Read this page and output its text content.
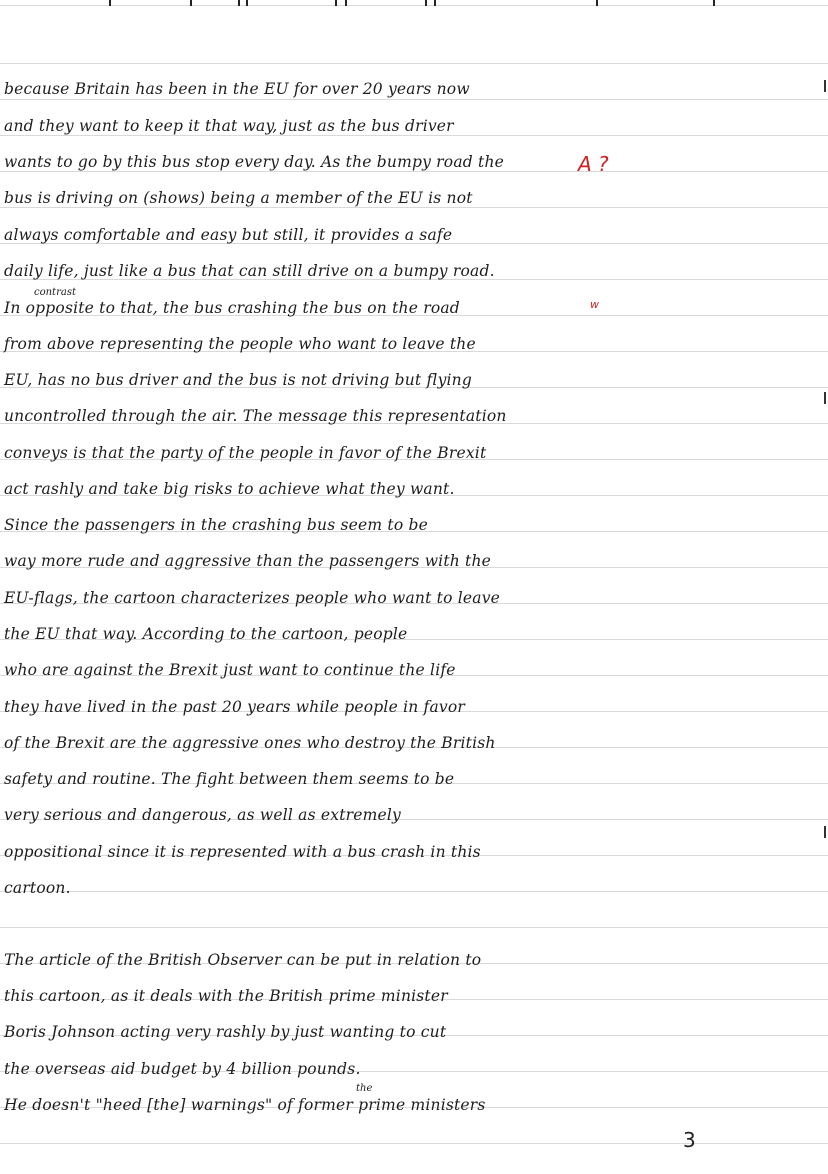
because Britain has been in the EU for over 20 years now
and they want to keep it that way, just as the bus driver
wants to go by this bus stop every day. As the bumpy road the
bus is driving on (shows) being a member of the EU is not
always comfortable and easy but still, it provides a safe
daily life, just like a bus that can still drive on a bumpy road.
In opposite to that, the bus crashing the bus on the road
from above representing the people who want to leave the
EU, has no bus driver and the bus is not driving but flying
uncontrolled through the air. The message this representation
conveys is that the party of the people in favor of the Brexit
act rashly and take big risks to achieve what they want.
Since the passengers in the crashing bus seem to be
way more rude and aggressive than the passengers with the
EU-flags, the cartoon characterizes people who want to leave
the EU that way. According to the cartoon, people
who are against the Brexit just want to continue the life
they have lived in the past 20 years while people in favor
of the Brexit are the aggressive ones who destroy the British
safety and routine. The fight between them seems to be
very serious and dangerous, as well as extremely
oppositional since it is represented with a bus crash in this
cartoon.
contrast
The article of the British Observer can be put in relation to
this cartoon, as it deals with the British prime minister
Boris Johnson acting very rashly by just wanting to cut
the overseas aid budget by 4 billion pounds.
He doesn't "heed [the] warnings" of former prime ministers
the
A ?
w
3
